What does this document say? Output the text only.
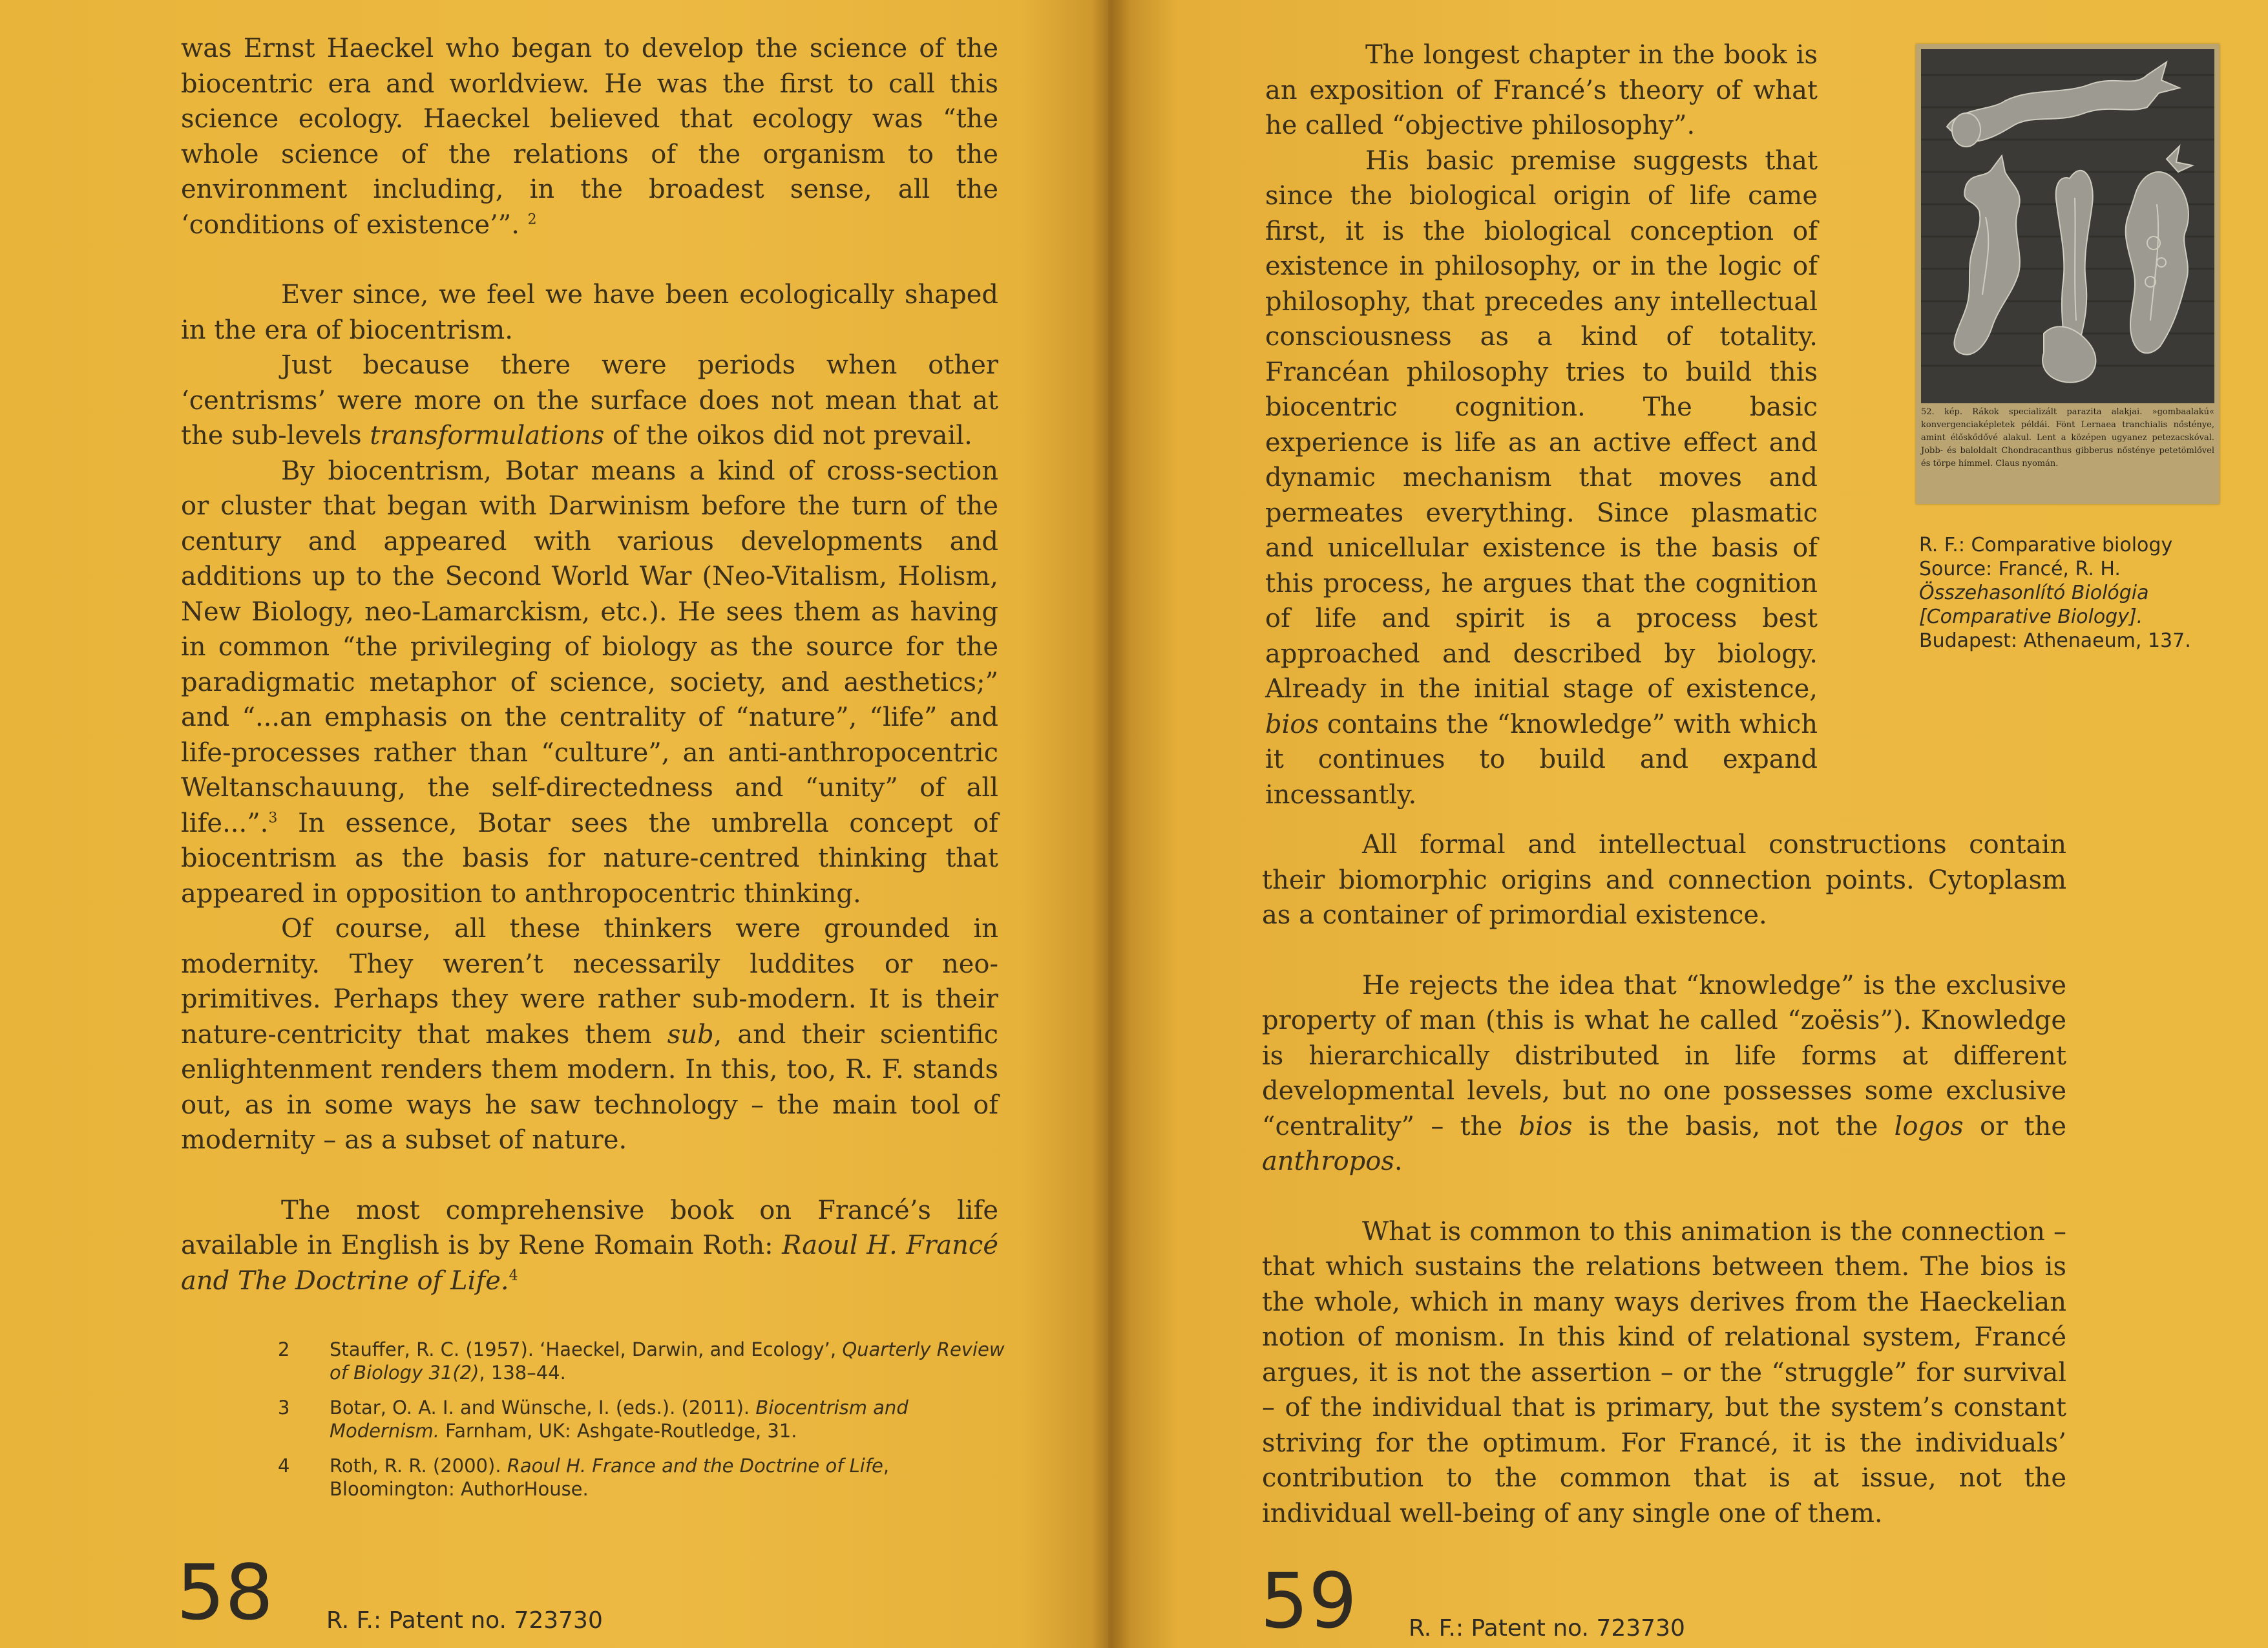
was Ernst Haeckel who began to develop the science of the biocentric era and worldview. He was the first to call this science ecology. Haeckel believed that ecology was “the whole science of the relations of the organism to the environment including, in the broadest sense, all the ‘conditions of existence’”. $^2$

Ever since, we feel we have been ecologically shaped in the era of biocentrism.

Just because there were periods when other ‘centrisms’ were more on the surface does not mean that at the sub-levels transformulations of the oikos did not prevail.

By biocentrism, Botar means a kind of cross-section or cluster that began with Darwinism before the turn of the century and appeared with various developments and additions up to the Second World War (Neo-Vitalism, Holism, New Biology, neo-Lamarckism, etc.). He sees them as having in common “the privileging of biology as the source for the paradigmatic metaphor of science, society, and aesthetics;” and “...an emphasis on the centrality of “nature”, “life” and life-processes rather than “culture”, an anti-anthropocentric Weltanschauung, the self-directedness and “unity” of all life...”.$^3$ In essence, Botar sees the umbrella concept of biocentrism as the basis for nature-centred thinking that appeared in opposition to anthropocentric thinking.

Of course, all these thinkers were grounded in modernity. They weren’t necessarily luddites or neo-primitives. Perhaps they were rather sub-modern. It is their nature-centricity that makes them sub, and their scientific enlightenment renders them modern. In this, too, R. F. stands out, as in some ways he saw technology – the main tool of modernity – as a subset of nature.

The most comprehensive book on Francé’s life available in English is by Rene Romain Roth: Raoul H. Francé and The Doctrine of Life.$^4$

2	Stauffer, R. C. (1957). ‘Haeckel, Darwin, and Ecology’, Quarterly Review of Biology 31(2), 138–44.
3	Botar, O. A. I. and Wünsche, I. (eds.). (2011). Biocentrism and Modernism. Farnham, UK: Ashgate-Routledge, 31.
4	Roth, R. R. (2000). Raoul H. France and the Doctrine of Life, Bloomington: AuthorHouse.
58 R. F.: Patent no. 723730

The longest chapter in the book is an exposition of Francé’s theory of what he called “objective philosophy”.

His basic premise suggests that since the biological origin of life came first, it is the biological conception of existence in philosophy, or in the logic of philosophy, that precedes any intellectual consciousness as a kind of totality. Francéan philosophy tries to build this biocentric cognition. The basic experience is life as an active effect and dynamic mechanism that moves and permeates everything. Since plasmatic and unicellular existence is the basis of this process, he argues that the cognition of life and spirit is a process best approached and described by biology. Already in the initial stage of existence, bios contains the “knowledge” with which it continues to build and expand incessantly.

All formal and intellectual constructions contain their biomorphic origins and connection points. Cytoplasm as a container of primordial existence.

He rejects the idea that “knowledge” is the exclusive property of man (this is what he called “zoësis”). Knowledge is hierarchically distributed in life forms at different developmental levels, but no one possesses some exclusive “centrality” – the bios is the basis, not the logos or the anthropos.

What is common to this animation is the connection – that which sustains the relations between them. The bios is the whole, which in many ways derives from the Haeckelian notion of monism. In this kind of relational system, Francé argues, it is not the assertion – or the “struggle” for survival – of the individual that is primary, but the system’s constant striving for the optimum. For Francé, it is the individuals’ contribution to the common that is at issue, not the individual well-being of any single one of them.

52. kép. Rákok specializált parazita alakjai. »gombaalakú« konvergenciaképletek példái. Fönt Lernaea tranchialis nőstényе, amint élőskődővé alakul. Lent a középen ugyanez petezacskóval. Jobb- és baloldalt Chondracanthus gibberus nőstényе petetömlővel és törpe hímmel. Claus nyomán.
R. F.: Comparative biology
Source: Francé, R. H.
Összehasonlító Biológia
[Comparative Biology].
Budapest: Athenaeum, 137.
59 R. F.: Patent no. 723730
